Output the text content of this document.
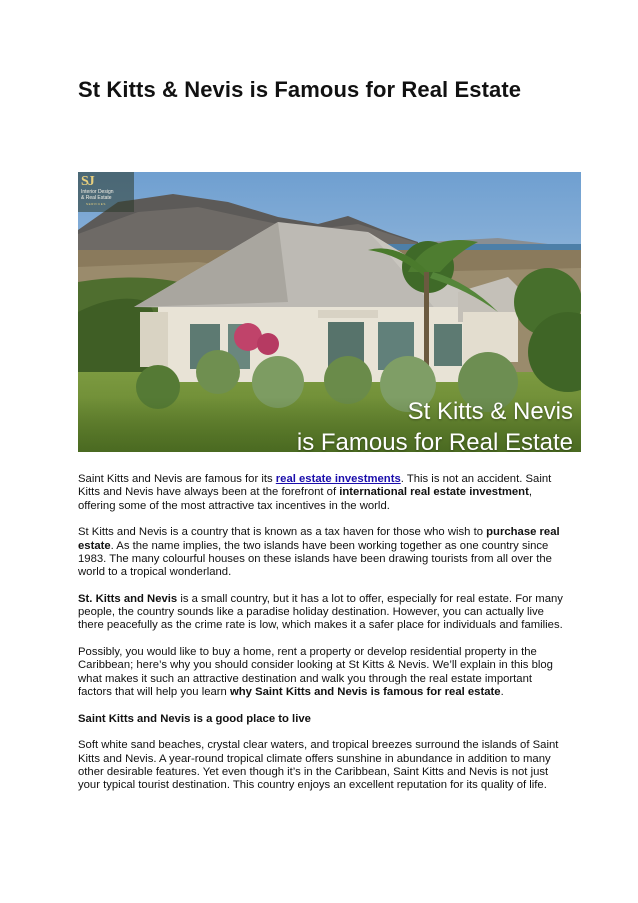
St Kitts & Nevis is Famous for Real Estate
SJ
Interior Design
& Real Estate
SERVICES
St Kitts & Nevis
is Famous for Real Estate

Saint Kitts and Nevis are famous for its real estate investments. This is not an accident. Saint Kitts and Nevis have always been at the forefront of international real estate investment, offering some of the most attractive tax incentives in the world.

St Kitts and Nevis is a country that is known as a tax haven for those who wish to purchase real estate. As the name implies, the two islands have been working together as one country since 1983. The many colourful houses on these islands have been drawing tourists from all over the world to a tropical wonderland.

St. Kitts and Nevis is a small country, but it has a lot to offer, especially for real estate. For many people, the country sounds like a paradise holiday destination. However, you can actually live there peacefully as the crime rate is low, which makes it a safer place for individuals and families.

Possibly, you would like to buy a home, rent a property or develop residential property in the Caribbean; here’s why you should consider looking at St Kitts & Nevis. We’ll explain in this blog what makes it such an attractive destination and walk you through the real estate important factors that will help you learn why Saint Kitts and Nevis is famous for real estate.

Saint Kitts and Nevis is a good place to live

Soft white sand beaches, crystal clear waters, and tropical breezes surround the islands of Saint Kitts and Nevis. A year-round tropical climate offers sunshine in abundance in addition to many other desirable features. Yet even though it’s in the Caribbean, Saint Kitts and Nevis is not just your typical tourist destination. This country enjoys an excellent reputation for its quality of life.
